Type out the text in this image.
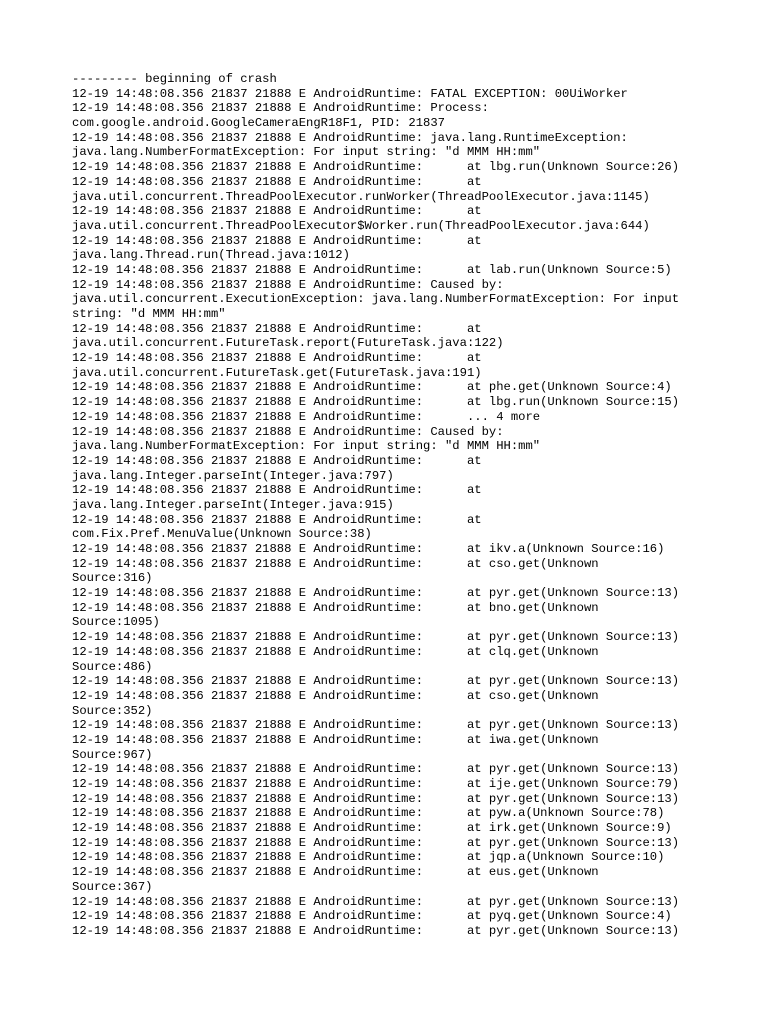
--------- beginning of crash
12-19 14:48:08.356 21837 21888 E AndroidRuntime: FATAL EXCEPTION: 00UiWorker
12-19 14:48:08.356 21837 21888 E AndroidRuntime: Process:
com.google.android.GoogleCameraEngR18F1, PID: 21837
12-19 14:48:08.356 21837 21888 E AndroidRuntime: java.lang.RuntimeException:
java.lang.NumberFormatException: For input string: "d MMM HH:mm"
12-19 14:48:08.356 21837 21888 E AndroidRuntime:      at lbg.run(Unknown Source:26)
12-19 14:48:08.356 21837 21888 E AndroidRuntime:      at
java.util.concurrent.ThreadPoolExecutor.runWorker(ThreadPoolExecutor.java:1145)
12-19 14:48:08.356 21837 21888 E AndroidRuntime:      at
java.util.concurrent.ThreadPoolExecutor$Worker.run(ThreadPoolExecutor.java:644)
12-19 14:48:08.356 21837 21888 E AndroidRuntime:      at
java.lang.Thread.run(Thread.java:1012)
12-19 14:48:08.356 21837 21888 E AndroidRuntime:      at lab.run(Unknown Source:5)
12-19 14:48:08.356 21837 21888 E AndroidRuntime: Caused by:
java.util.concurrent.ExecutionException: java.lang.NumberFormatException: For input
string: "d MMM HH:mm"
12-19 14:48:08.356 21837 21888 E AndroidRuntime:      at
java.util.concurrent.FutureTask.report(FutureTask.java:122)
12-19 14:48:08.356 21837 21888 E AndroidRuntime:      at
java.util.concurrent.FutureTask.get(FutureTask.java:191)
12-19 14:48:08.356 21837 21888 E AndroidRuntime:      at phe.get(Unknown Source:4)
12-19 14:48:08.356 21837 21888 E AndroidRuntime:      at lbg.run(Unknown Source:15)
12-19 14:48:08.356 21837 21888 E AndroidRuntime:      ... 4 more
12-19 14:48:08.356 21837 21888 E AndroidRuntime: Caused by:
java.lang.NumberFormatException: For input string: "d MMM HH:mm"
12-19 14:48:08.356 21837 21888 E AndroidRuntime:      at
java.lang.Integer.parseInt(Integer.java:797)
12-19 14:48:08.356 21837 21888 E AndroidRuntime:      at
java.lang.Integer.parseInt(Integer.java:915)
12-19 14:48:08.356 21837 21888 E AndroidRuntime:      at
com.Fix.Pref.MenuValue(Unknown Source:38)
12-19 14:48:08.356 21837 21888 E AndroidRuntime:      at ikv.a(Unknown Source:16)
12-19 14:48:08.356 21837 21888 E AndroidRuntime:      at cso.get(Unknown
Source:316)
12-19 14:48:08.356 21837 21888 E AndroidRuntime:      at pyr.get(Unknown Source:13)
12-19 14:48:08.356 21837 21888 E AndroidRuntime:      at bno.get(Unknown
Source:1095)
12-19 14:48:08.356 21837 21888 E AndroidRuntime:      at pyr.get(Unknown Source:13)
12-19 14:48:08.356 21837 21888 E AndroidRuntime:      at clq.get(Unknown
Source:486)
12-19 14:48:08.356 21837 21888 E AndroidRuntime:      at pyr.get(Unknown Source:13)
12-19 14:48:08.356 21837 21888 E AndroidRuntime:      at cso.get(Unknown
Source:352)
12-19 14:48:08.356 21837 21888 E AndroidRuntime:      at pyr.get(Unknown Source:13)
12-19 14:48:08.356 21837 21888 E AndroidRuntime:      at iwa.get(Unknown
Source:967)
12-19 14:48:08.356 21837 21888 E AndroidRuntime:      at pyr.get(Unknown Source:13)
12-19 14:48:08.356 21837 21888 E AndroidRuntime:      at ije.get(Unknown Source:79)
12-19 14:48:08.356 21837 21888 E AndroidRuntime:      at pyr.get(Unknown Source:13)
12-19 14:48:08.356 21837 21888 E AndroidRuntime:      at pyw.a(Unknown Source:78)
12-19 14:48:08.356 21837 21888 E AndroidRuntime:      at irk.get(Unknown Source:9)
12-19 14:48:08.356 21837 21888 E AndroidRuntime:      at pyr.get(Unknown Source:13)
12-19 14:48:08.356 21837 21888 E AndroidRuntime:      at jqp.a(Unknown Source:10)
12-19 14:48:08.356 21837 21888 E AndroidRuntime:      at eus.get(Unknown
Source:367)
12-19 14:48:08.356 21837 21888 E AndroidRuntime:      at pyr.get(Unknown Source:13)
12-19 14:48:08.356 21837 21888 E AndroidRuntime:      at pyq.get(Unknown Source:4)
12-19 14:48:08.356 21837 21888 E AndroidRuntime:      at pyr.get(Unknown Source:13)
